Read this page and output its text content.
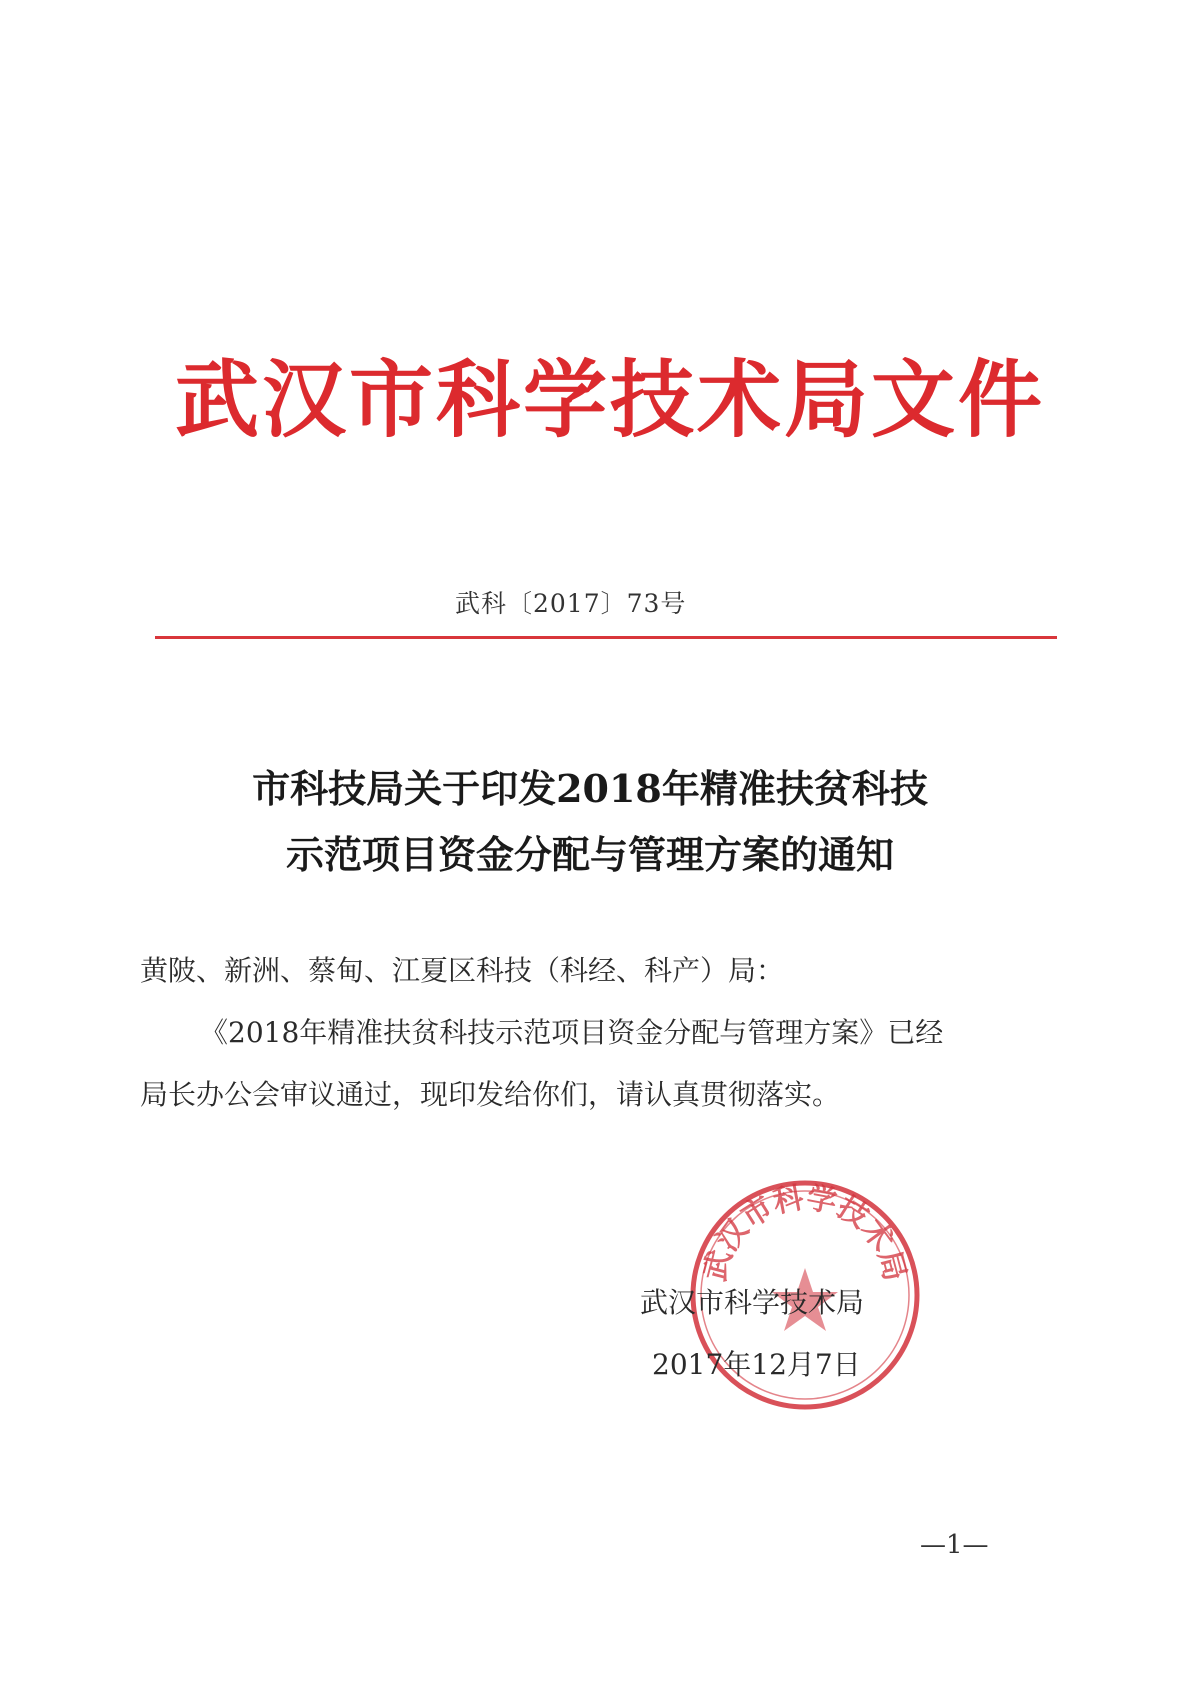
武汉市科学技术局文件
武科〔2017〕73号
市科技局关于印发2018年精准扶贫科技
示范项目资金分配与管理方案的通知
黄陂、新洲、蔡甸、江夏区科技（科经、科产）局：
《2018年精准扶贫科技示范项目资金分配与管理方案》已经
局长办公会审议通过，现印发给你们，请认真贯彻落实。
武汉市科学技术局
武汉市科学技术局
2017年12月7日
—1—
